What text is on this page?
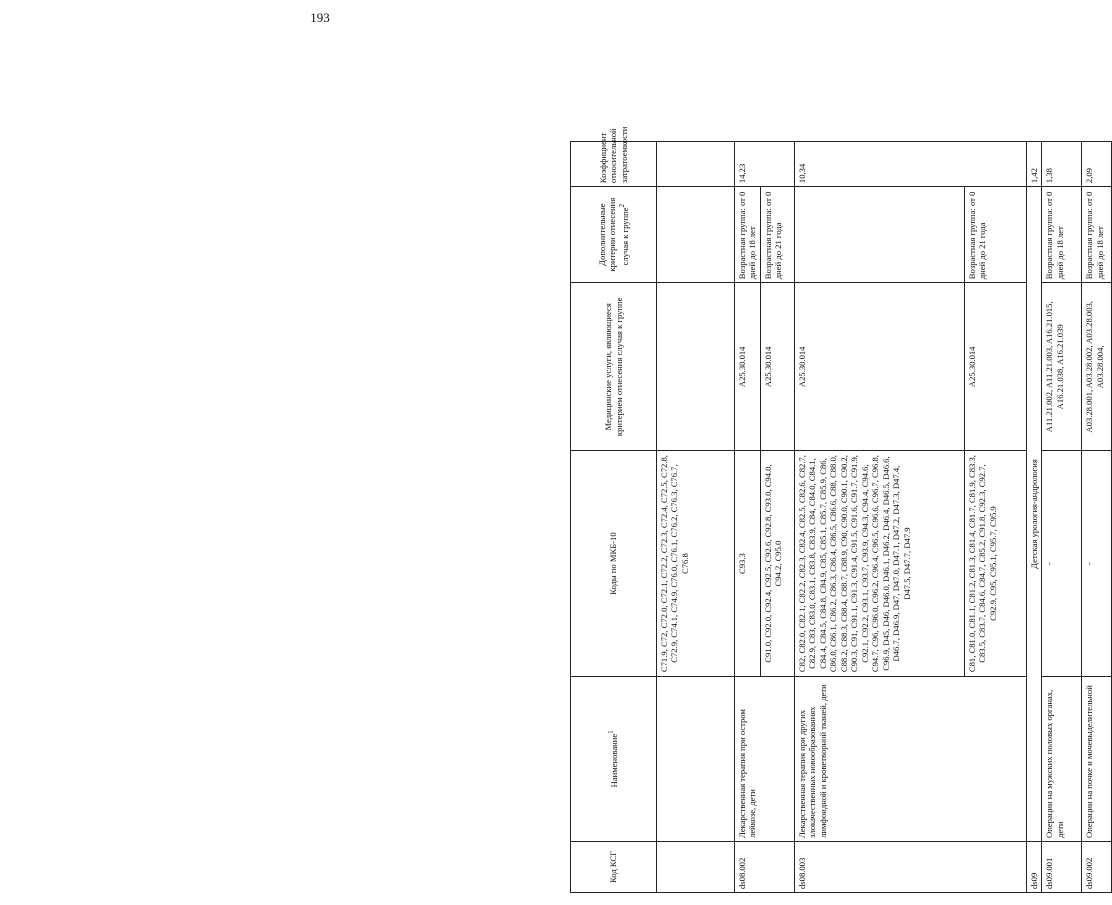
193
Код КСГ	Наименование$^1$	Коды по МКБ-10	Медицинские услуги, являющиеся критерием отнесения случая к группе	Дополнительные критерии отнесения случая к группе$^2$	Коэффициент относительной затратоемкости
		C71.9, C72, C72.0, C72.1, C72.2, C72.3, C72.4, C72.5, C72.8, C72.9, C74.1, C74.9, C76.0, C76.1, C76.2, C76.3, C76.7, C76.8			
ds08.002	Лекарственная терапия при остром лейкозе, дети	C93.3	A25.30.014	Возрастная группа: от 0 дней до 18 лет	14,23
		C91.0, C92.0, C92.4, C92.5, C92.6, C92.8, C93.0, C94.0, C94.2, C95.0	A25.30.014	Возрастная группа: от 0 дней до 21 года	
ds08.003	Лекарственная терапия при других злокачественных новообразованиях лимфоидной и кроветворной тканей, дети	C82, C82.0, C82.1, C82.2, C82.3, C82.4, C82.5, C82.6, C82.7, C82.9, C83, C83.0, C83.1, C83.8, C83.9, C84, C84.0, C84.1, C84.4, C84.5, C84.8, C84.9, C85, C85.1, C85.7, C85.9, C86, C86.0, C86.1, C86.2, C86.3, C86.4, C86.5, C86.6, C88, C88.0, C88.2, C88.3, C88.4, C88.7, C88.9, C90, C90.0, C90.1, C90.2, C90.3, C91, C91.1, C91.3, C91.4, C91.5, C91.6, C91.7, C91.9, C92.1, C92.2, C93.1, C93.7, C93.9, C94.3, C94.4, C94.6, C94.7, C96, C96.0, C96.2, C96.4, C96.5, C96.6, C96.7, C96.8, C96.9, D45, D46, D46.0, D46.1, D46.2, D46.4, D46.5, D46.6, D46.7, D46.9, D47, D47.0, D47.1, D47.2, D47.3, D47.4, D47.5, D47.7, D47.9	A25.30.014		10,34
		C81, C81.0, C81.1, C81.2, C81.3, C81.4, C81.7, C81.9, C83.3, C83.5, C83.7, C84.6, C84.7, C85.2, C91.8, C92.3, C92.7, C92.9, C95, C95.1, C95.7, C95.9	A25.30.014	Возрастная группа: от 0 дней до 21 года	
ds09	Детская урология-андрология				1,42
ds09.001	Операции на мужских половых органах, дети	-	A11.21.002, A11.21.003, A16.21.015, A16.21.038, A16.21.039	Возрастная группа: от 0 дней до 18 лет	1,38
ds09.002	Операции на почке и мочевыделительной	-	A03.28.001, A03.28.002, A03.28.003, A03.28.004,	Возрастная группа: от 0 дней до 18 лет	2,09
